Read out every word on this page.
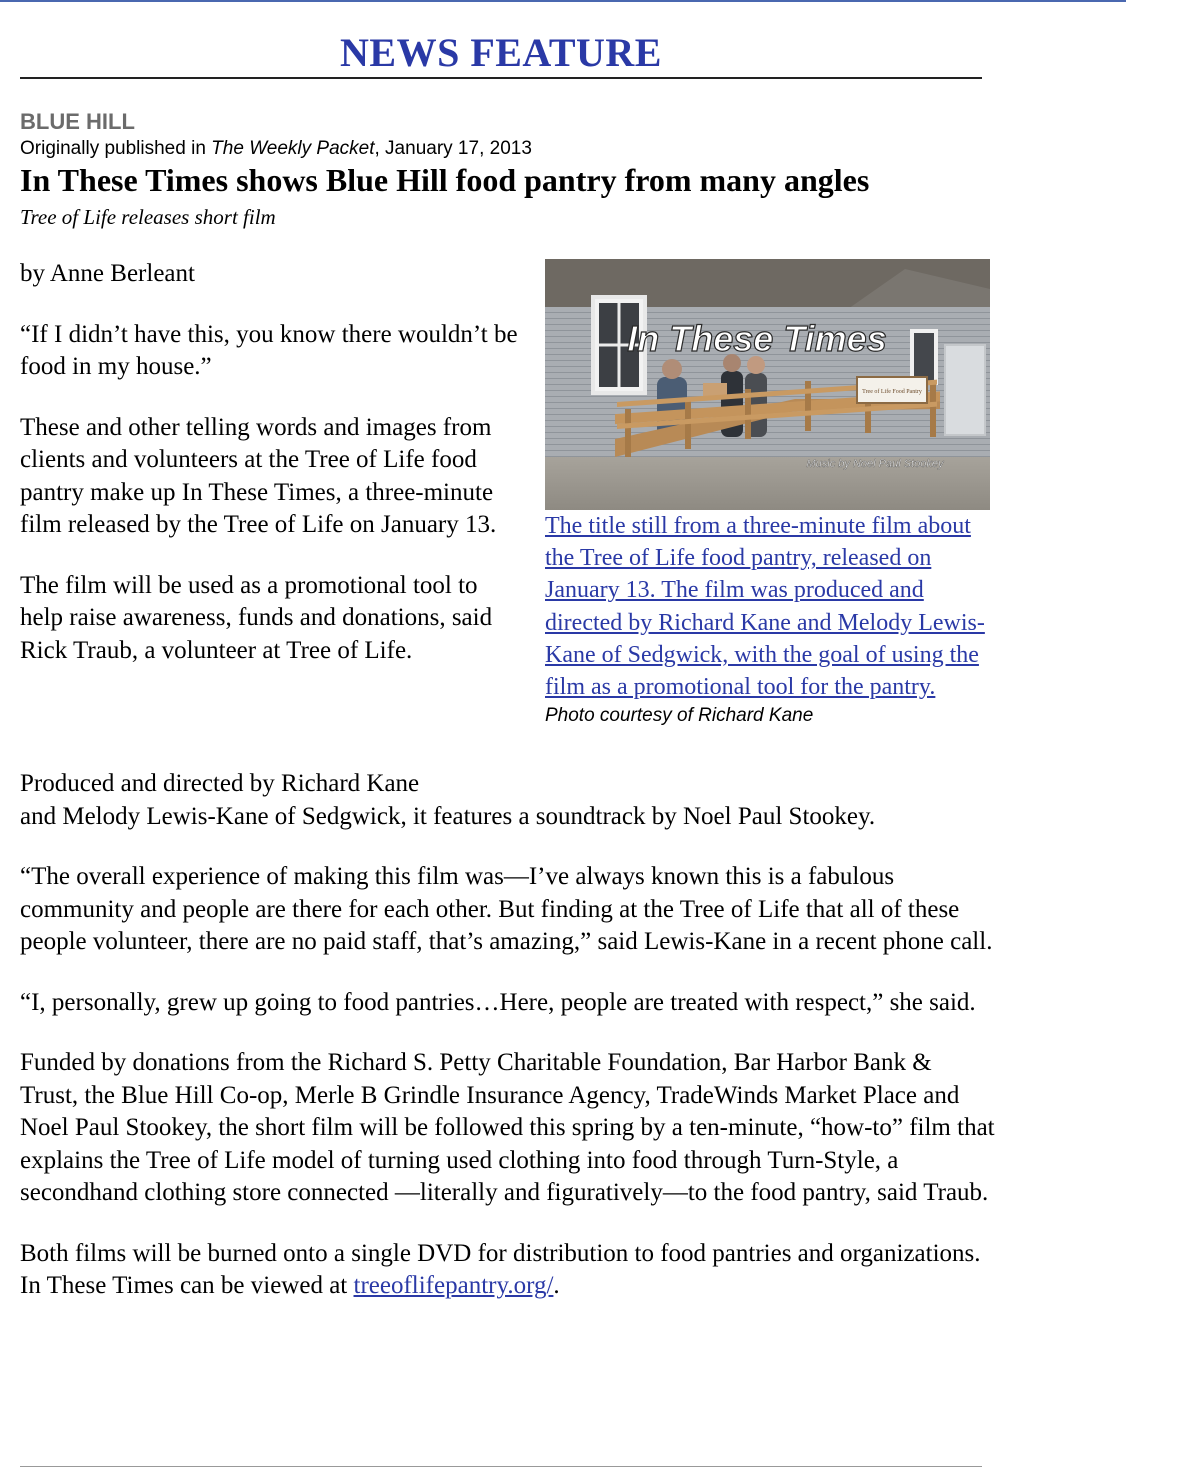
NEWS FEATURE
BLUE HILL
Originally published in The Weekly Packet, January 17, 2013
In These Times shows Blue Hill food pantry from many angles
Tree of Life releases short film

by Anne Berleant

“If I didn’t have this, you know there wouldn’t be food in my house.”

These and other telling words and images from clients and volunteers at the Tree of Life food pantry make up In These Times, a three-minute film released by the Tree of Life on January 13.

The film will be used as a promotional tool to help raise awareness, funds and donations, said Rick Traub, a volunteer at Tree of Life.

Tree of Life Food Pantry
In These Times
Music by Noel Paul Stookey
The title still from a three-minute film about the Tree of Life food pantry, released on January 13. The film was produced and directed by Richard Kane and Melody Lewis-Kane of Sedgwick, with the goal of using the film as a promotional tool for the pantry.
Photo courtesy of Richard Kane

Produced and directed by Richard Kane
and Melody Lewis-Kane of Sedgwick, it features a soundtrack by Noel Paul Stookey.

“The overall experience of making this film was—I’ve always known this is a fabulous community and people are there for each other. But finding at the Tree of Life that all of these people volunteer, there are no paid staff, that’s amazing,” said Lewis-Kane in a recent phone call.

“I, personally, grew up going to food pantries…Here, people are treated with respect,” she said.

Funded by donations from the Richard S. Petty Charitable Foundation, Bar Harbor Bank & Trust, the Blue Hill Co-op, Merle B Grindle Insurance Agency, TradeWinds Market Place and Noel Paul Stookey, the short film will be followed this spring by a ten-minute, “how-to” film that explains the Tree of Life model of turning used clothing into food through Turn-Style, a secondhand clothing store connected —literally and figuratively—to the food pantry, said Traub.

Both films will be burned onto a single DVD for distribution to food pantries and organizations. In These Times can be viewed at treeoflifepantry.org/.
